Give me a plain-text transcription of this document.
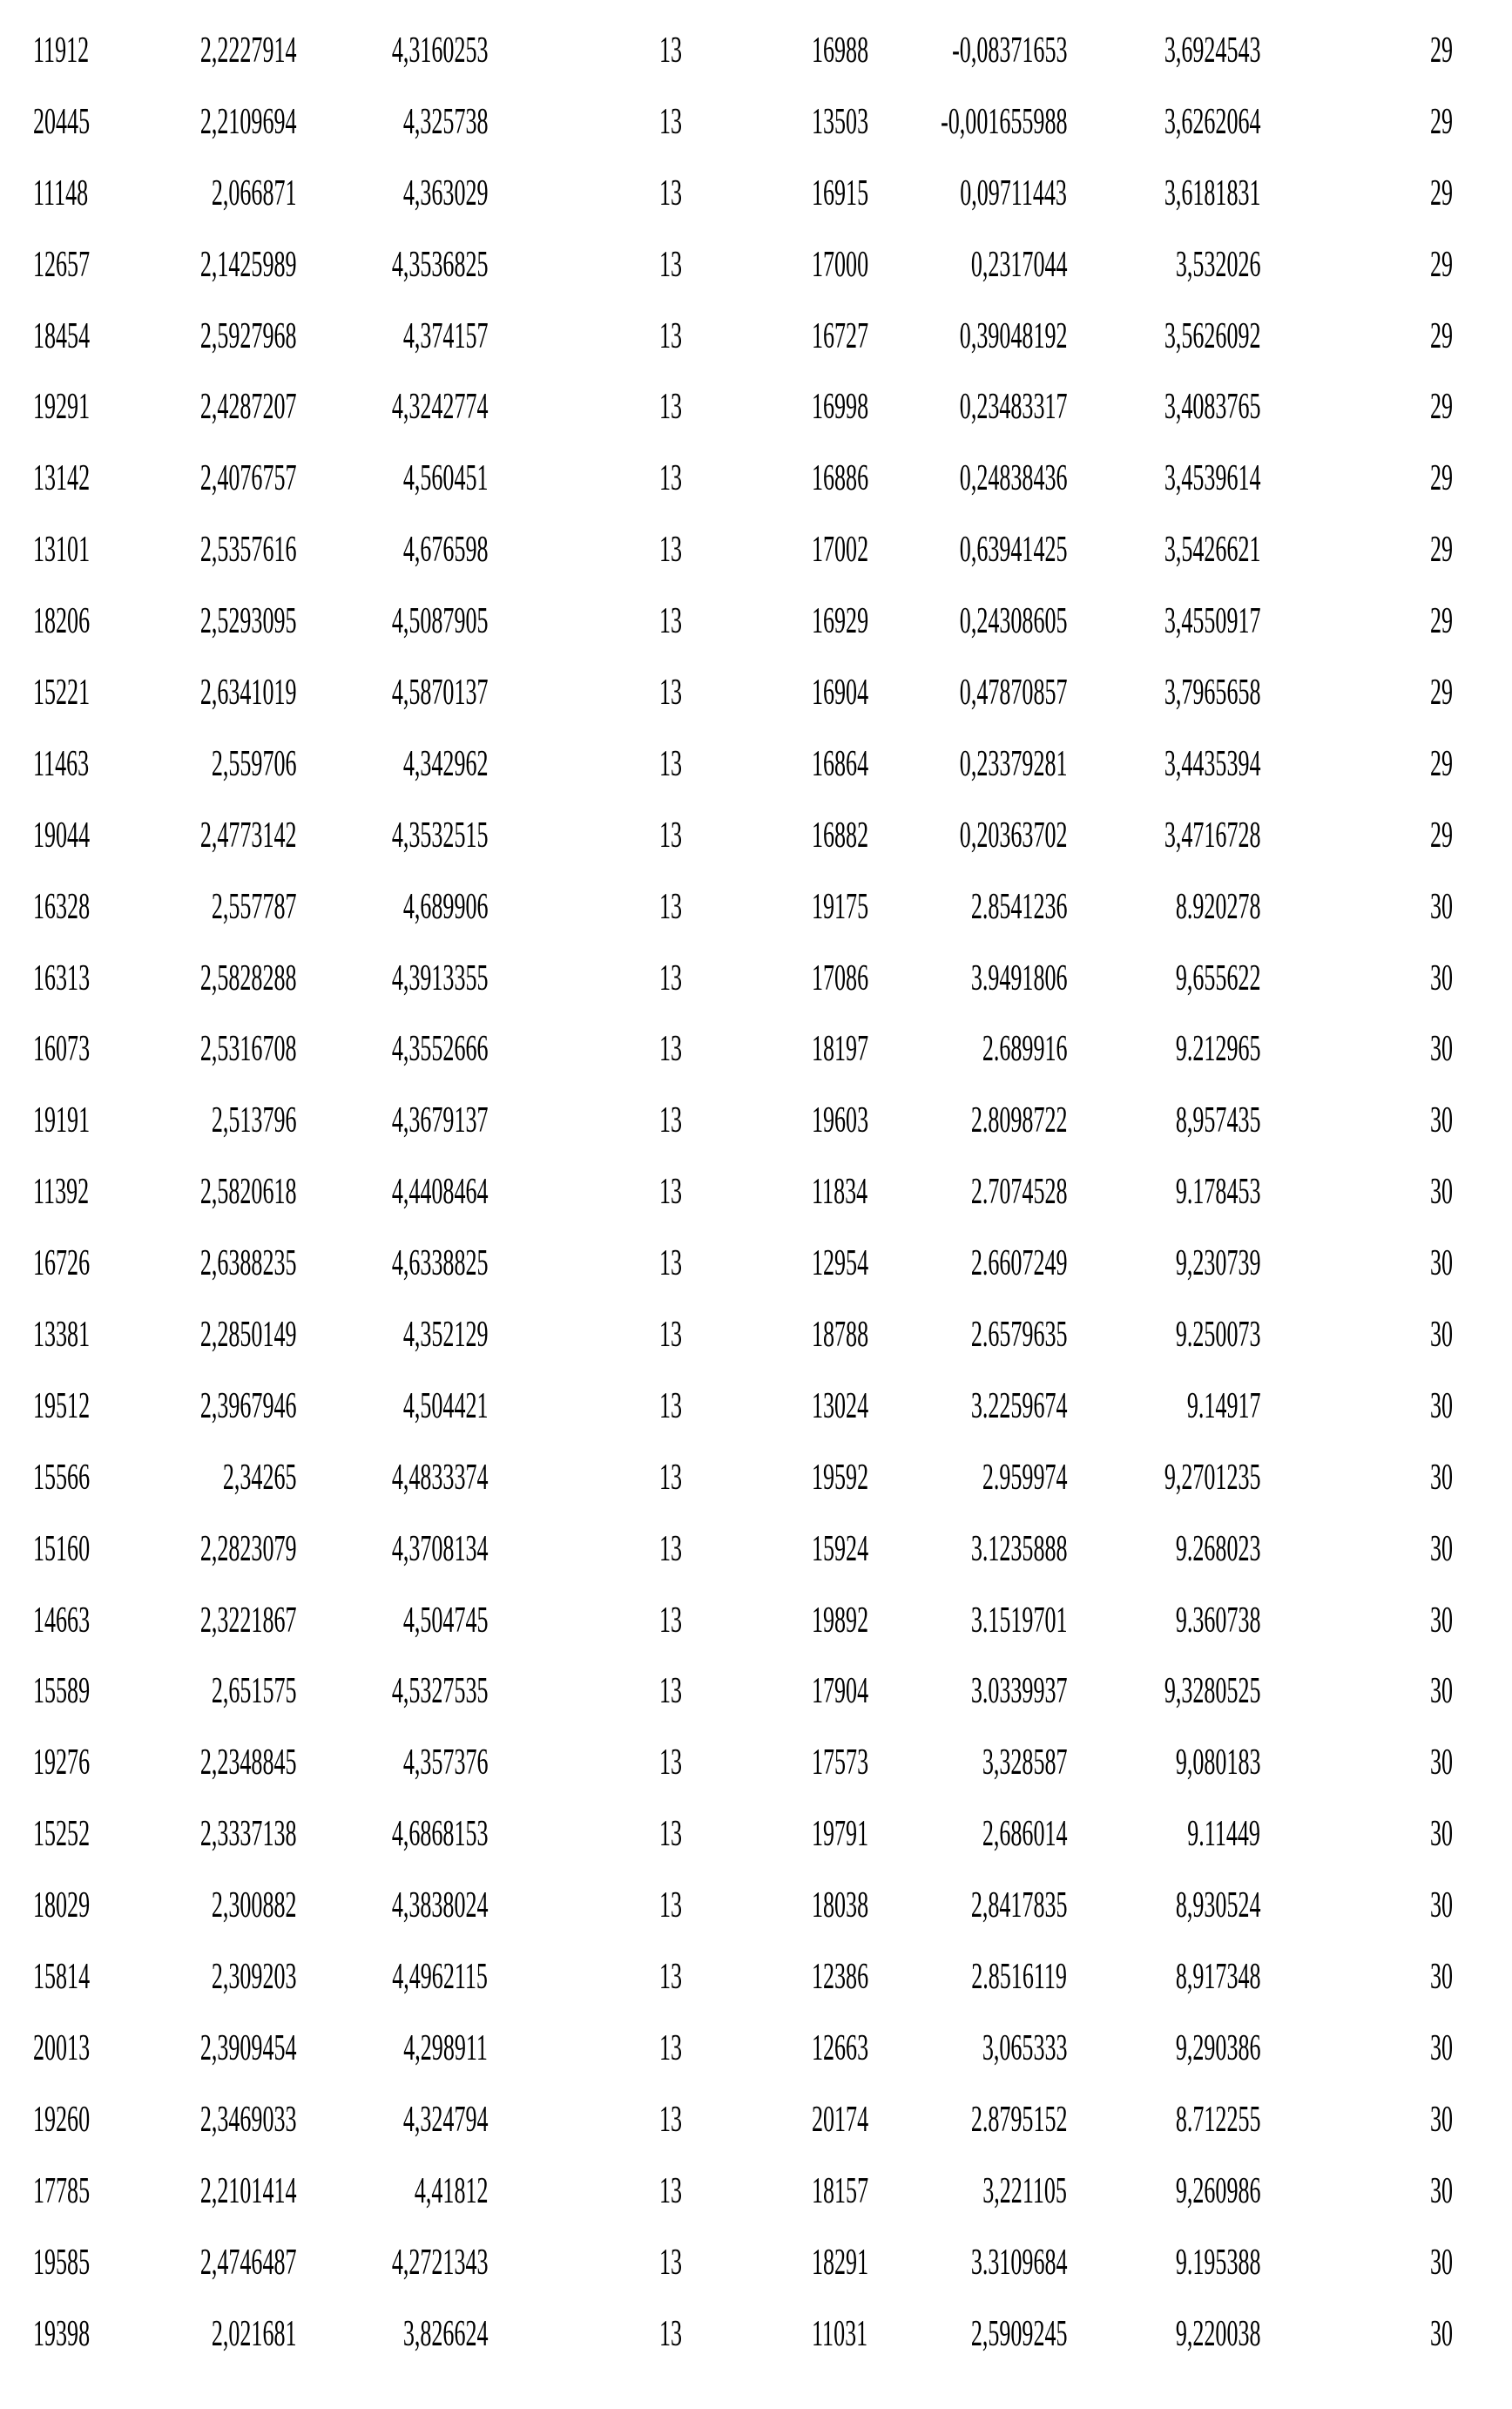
11912	2,2227914	4,3160253	13	16988 -0,08371653	3,6924543	29
20445	2,2109694	4,325738	13	13503 -0,001655988	3,6262064	29
11148	2,066871	4,363029	13	16915	0,09711443	3,6181831	29
12657	2,1425989	4,3536825	13	17000	0,2317044	3,532026	29
18454	2,5927968	4,374157	13	16727 0,39048192	3,5626092	29
19291	2,4287207	4,3242774	13	16998 0,23483317	3,4083765	29
13142	2,4076757	4,560451	13	16886 0,24838436	3,4539614	29
13101	2,5357616	4,676598	13	17002 0,63941425	3,5426621	29
18206	2,5293095	4,5087905	13	16929 0,24308605	3,4550917	29
15221	2,6341019	4,5870137	13	16904 0,47870857	3,7965658	29
11463	2,559706	4,342962	13	16864 0,23379281	3,4435394	29
19044	2,4773142	4,3532515	13	16882 0,20363702	3,4716728	29
16328	2,557787	4,689906	13	19175	2.8541236	8.920278	30
16313	2,5828288	4,3913355	13	17086	3.9491806	9,655622	30
16073	2,5316708	4,3552666	13	18197	2.689916	9.212965	30
19191	2,513796	4,3679137	13	19603	2.8098722	8,957435	30
11392	2,5820618	4,4408464	13	11834	2.7074528	9.178453	30
16726	2,6388235	4,6338825	13	12954	2.6607249	9,230739	30
13381	2,2850149	4,352129	13	18788	2.6579635	9.250073	30
19512	2,3967946	4,504421	13	13024	3.2259674	9.14917	30
15566	2,34265	4,4833374	13	19592	2.959974	9,2701235	30
15160	2,2823079	4,3708134	13	15924	3.1235888	9.268023	30
14663	2,3221867	4,504745	13	19892	3.1519701	9.360738	30
15589	2,651575	4,5327535	13	17904	3.0339937	9,3280525	30
19276	2,2348845	4,357376	13	17573	3,328587	9,080183	30
15252	2,3337138	4,6868153	13	19791	2,686014	9.11449	30
18029	2,300882	4,3838024	13	18038	2,8417835	8,930524	30
15814	2,309203	4,4962115	13	12386	2.8516119	8,917348	30
20013	2,3909454	4,298911	13	12663	3,065333	9,290386	30
19260	2,3469033	4,324794	13	20174	2.8795152	8.712255	30
17785	2,2101414	4,41812	13	18157	3,221105	9,260986	30
19585	2,4746487	4,2721343	13	18291	3.3109684	9.195388	30
19398	2,021681	3,826624	13	11031	2,5909245	9,220038	30
